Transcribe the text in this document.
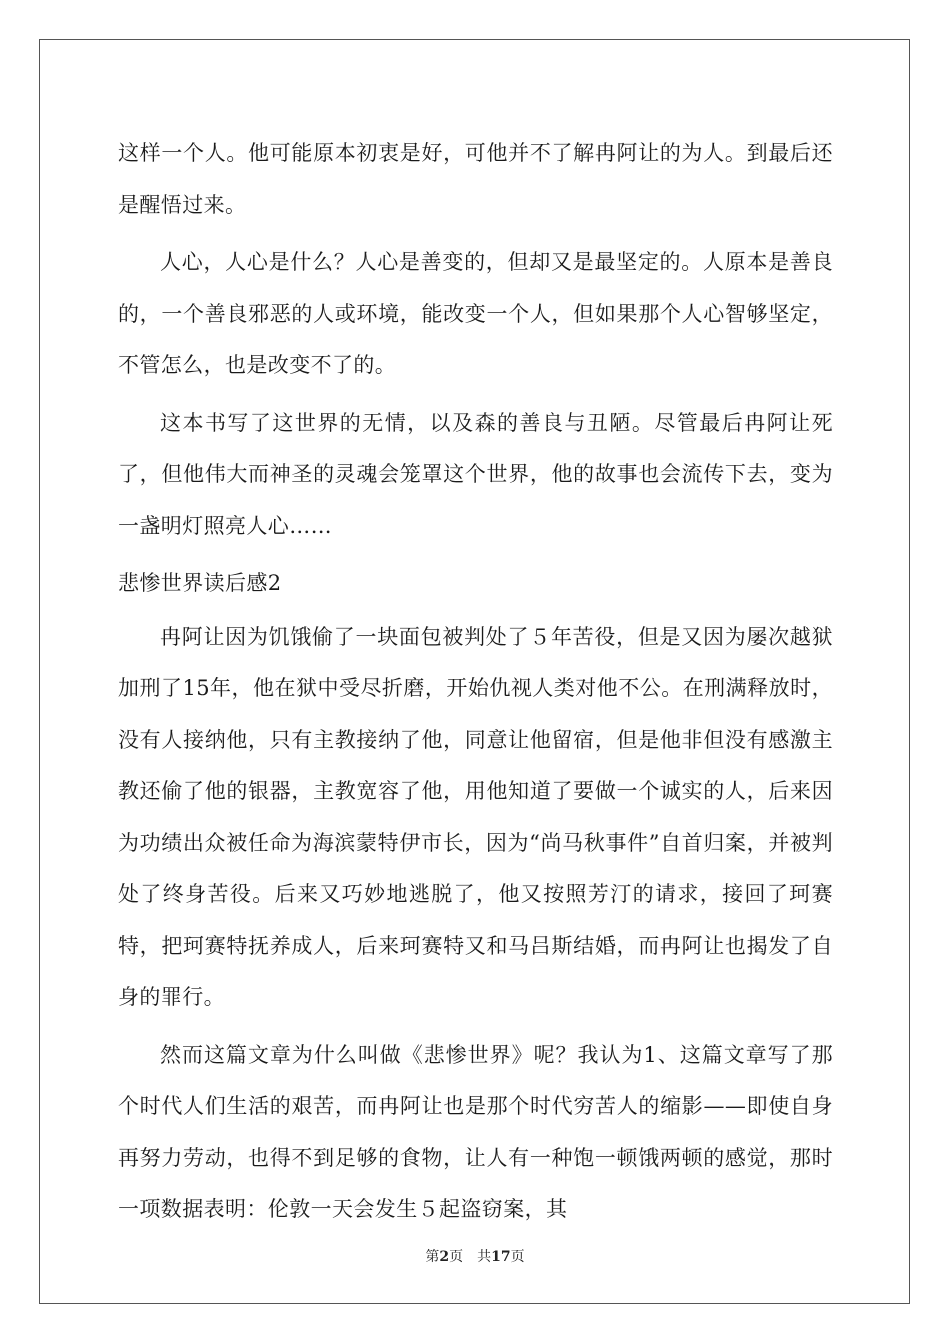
这样一个人。他可能原本初衷是好，可他并不了解冉阿让的为人。到最后还是醒悟过来。

人心，人心是什么？人心是善变的，但却又是最坚定的。人原本是善良的，一个善良邪恶的人或环境，能改变一个人，但如果那个人心智够坚定，不管怎么，也是改变不了的。

这本书写了这世界的无情，以及森的善良与丑陋。尽管最后冉阿让死了，但他伟大而神圣的灵魂会笼罩这个世界，他的故事也会流传下去，变为一盏明灯照亮人心……

悲惨世界读后感2

冉阿让因为饥饿偷了一块面包被判处了５年苦役，但是又因为屡次越狱加刑了15年，他在狱中受尽折磨，开始仇视人类对他不公。在刑满释放时，没有人接纳他，只有主教接纳了他，同意让他留宿，但是他非但没有感激主教还偷了他的银器，主教宽容了他，用他知道了要做一个诚实的人，后来因为功绩出众被任命为海滨蒙特伊市长，因为“尚马秋事件”自首归案，并被判处了终身苦役。后来又巧妙地逃脱了，他又按照芳汀的请求，接回了珂赛特，把珂赛特抚养成人，后来珂赛特又和马吕斯结婚，而冉阿让也揭发了自身的罪行。

然而这篇文章为什么叫做《悲惨世界》呢？我认为1、这篇文章写了那个时代人们生活的艰苦，而冉阿让也是那个时代穷苦人的缩影——即使自身再努力劳动，也得不到足够的食物，让人有一种饱一顿饿两顿的感觉，那时一项数据表明：伦敦一天会发生５起盗窃案，其

第2页　共17页
